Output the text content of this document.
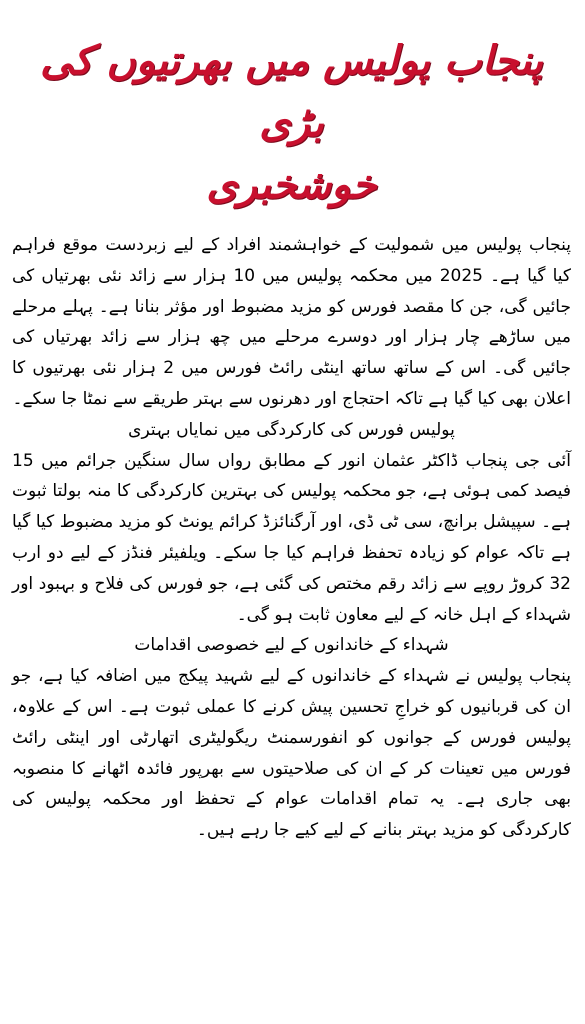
پنجاب پولیس میں بھرتیوں کی بڑی
خوشخبری

پنجاب پولیس میں شمولیت کے خواہشمند افراد کے لیے زبردست موقع فراہم کیا گیا ہے۔ 2025 میں محکمہ پولیس میں 10 ہزار سے زائد نئی بھرتیاں کی جائیں گی، جن کا مقصد فورس کو مزید مضبوط اور مؤثر بنانا ہے۔ پہلے مرحلے میں ساڑھے چار ہزار اور دوسرے مرحلے میں چھ ہزار سے زائد بھرتیاں کی جائیں گی۔ اس کے ساتھ ساتھ اینٹی رائٹ فورس میں 2 ہزار نئی بھرتیوں کا اعلان بھی کیا گیا ہے تاکہ احتجاج اور دھرنوں سے بہتر طریقے سے نمٹا جا سکے۔

پولیس فورس کی کارکردگی میں نمایاں بہتری

آئی جی پنجاب ڈاکٹر عثمان انور کے مطابق رواں سال سنگین جرائم میں 15 فیصد کمی ہوئی ہے، جو محکمہ پولیس کی بہترین کارکردگی کا منہ بولتا ثبوت ہے۔ سپیشل برانچ، سی ٹی ڈی، اور آرگنائزڈ کرائم یونٹ کو مزید مضبوط کیا گیا ہے تاکہ عوام کو زیادہ تحفظ فراہم کیا جا سکے۔ ویلفیئر فنڈز کے لیے دو ارب 32 کروڑ روپے سے زائد رقم مختص کی گئی ہے، جو فورس کی فلاح و بہبود اور شہداء کے اہل خانہ کے لیے معاون ثابت ہو گی۔

شہداء کے خاندانوں کے لیے خصوصی اقدامات

پنجاب پولیس نے شہداء کے خاندانوں کے لیے شہید پیکج میں اضافہ کیا ہے، جو ان کی قربانیوں کو خراجِ تحسین پیش کرنے کا عملی ثبوت ہے۔ اس کے علاوہ، پولیس فورس کے جوانوں کو انفورسمنٹ ریگولیٹری اتھارٹی اور اینٹی رائٹ فورس میں تعینات کر کے ان کی صلاحیتوں سے بھرپور فائدہ اٹھانے کا منصوبہ بھی جاری ہے۔ یہ تمام اقدامات عوام کے تحفظ اور محکمہ پولیس کی کارکردگی کو مزید بہتر بنانے کے لیے کیے جا رہے ہیں۔
